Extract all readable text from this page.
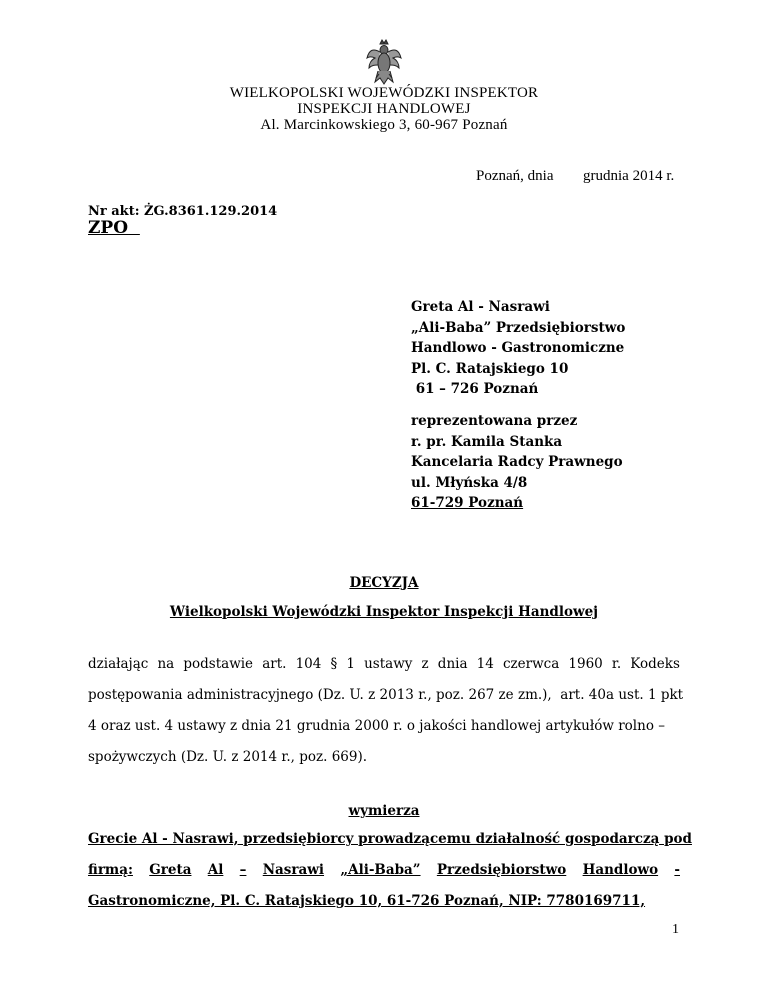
WIELKOPOLSKI WOJEWÓDZKI INSPEKTOR
INSPEKCJI HANDLOWEJ
Al. Marcinkowskiego 3, 60-967 Poznań
Poznań, dnia grudnia 2014 r.
Nr akt: ŻG.8361.129.2014
ZPO
Greta Al - Nasrawi
„Ali-Baba” Przedsiębiorstwo
Handlowo - Gastronomiczne
Pl. C. Ratajskiego 10
61 – 726 Poznań
reprezentowana przez
r. pr. Kamila Stanka
Kancelaria Radcy Prawnego
ul. Młyńska 4/8
61-729 Poznań
DECYZJA
Wielkopolski Wojewódzki Inspektor Inspekcji Handlowej
działając na podstawie art. 104 § 1 ustawy z dnia 14 czerwca 1960 r. Kodeks
postępowania administracyjnego (Dz. U. z 2013 r., poz. 267 ze zm.),  art. 40a ust. 1 pkt
4 oraz ust. 4 ustawy z dnia 21 grudnia 2000 r. o jakości handlowej artykułów rolno –
spożywczych (Dz. U. z 2014 r., poz. 669).
wymierza
Grecie Al - Nasrawi, przedsiębiorcy prowadzącemu działalność gospodarczą pod
firmą: Greta Al – Nasrawi „Ali-Baba” Przedsiębiorstwo Handlowo -
Gastronomiczne, Pl. C. Ratajskiego 10, 61-726 Poznań, NIP: 7780169711,
1
